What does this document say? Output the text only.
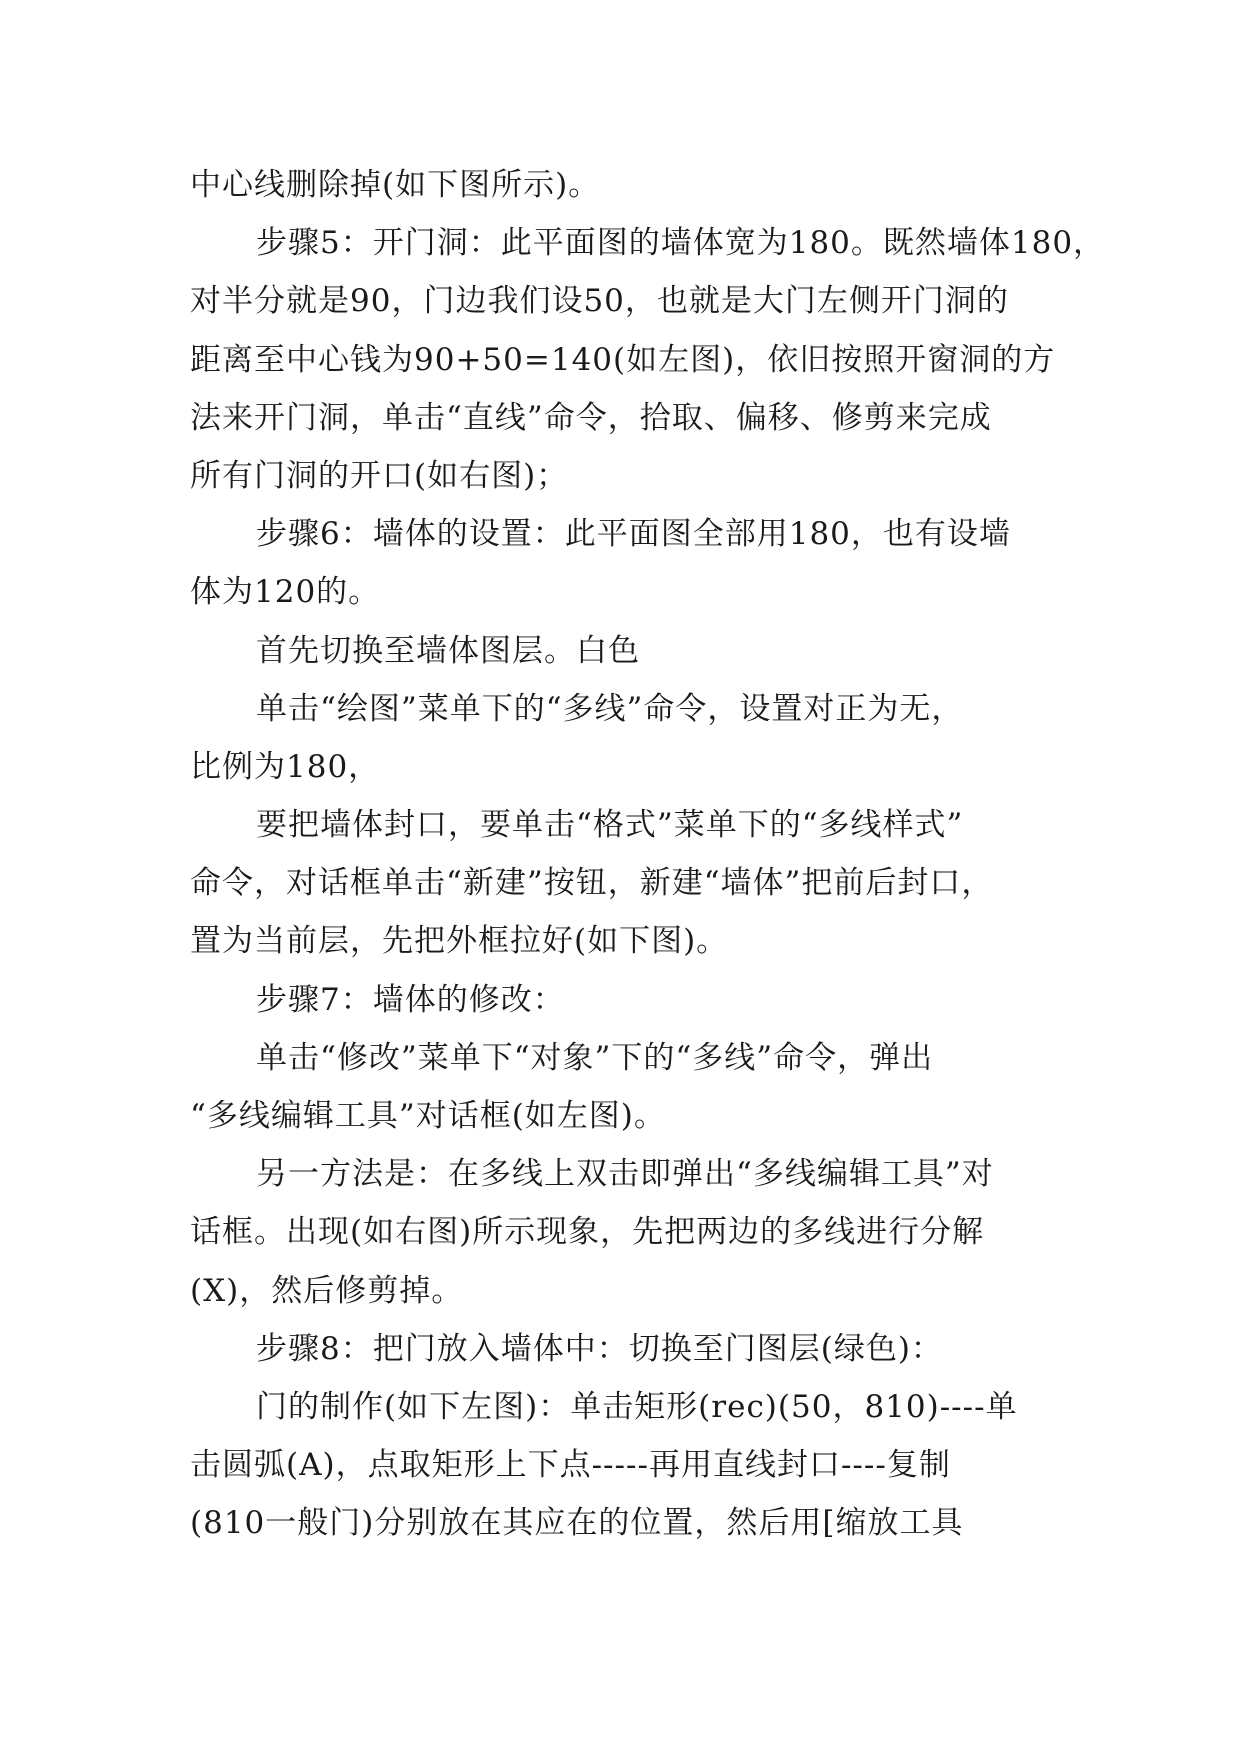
中心线删除掉(如下图所示)。
步骤5：开门洞：此平面图的墙体宽为180。既然墙体180，
对半分就是90，门边我们设50，也就是大门左侧开门洞的
距离至中心钱为90+50=140(如左图)，依旧按照开窗洞的方
法来开门洞，单击“直线”命令，拾取、偏移、修剪来完成
所有门洞的开口(如右图)；
步骤6：墙体的设置：此平面图全部用180，也有设墙
体为120的。
首先切换至墙体图层。白色
单击“绘图”菜单下的“多线”命令，设置对正为无，
比例为180，
要把墙体封口，要单击“格式”菜单下的“多线样式”
命令，对话框单击“新建”按钮，新建“墙体”把前后封口，
置为当前层，先把外框拉好(如下图)。
步骤7：墙体的修改：
单击“修改”菜单下“对象”下的“多线”命令，弹出
“多线编辑工具”对话框(如左图)。
另一方法是：在多线上双击即弹出“多线编辑工具”对
话框。出现(如右图)所示现象，先把两边的多线进行分解
(X)，然后修剪掉。
步骤8：把门放入墙体中：切换至门图层(绿色)：
门的制作(如下左图)：单击矩形(rec)(50，810)----单
击圆弧(A)，点取矩形上下点-----再用直线封口----复制
(810一般门)分别放在其应在的位置，然后用[缩放工具
